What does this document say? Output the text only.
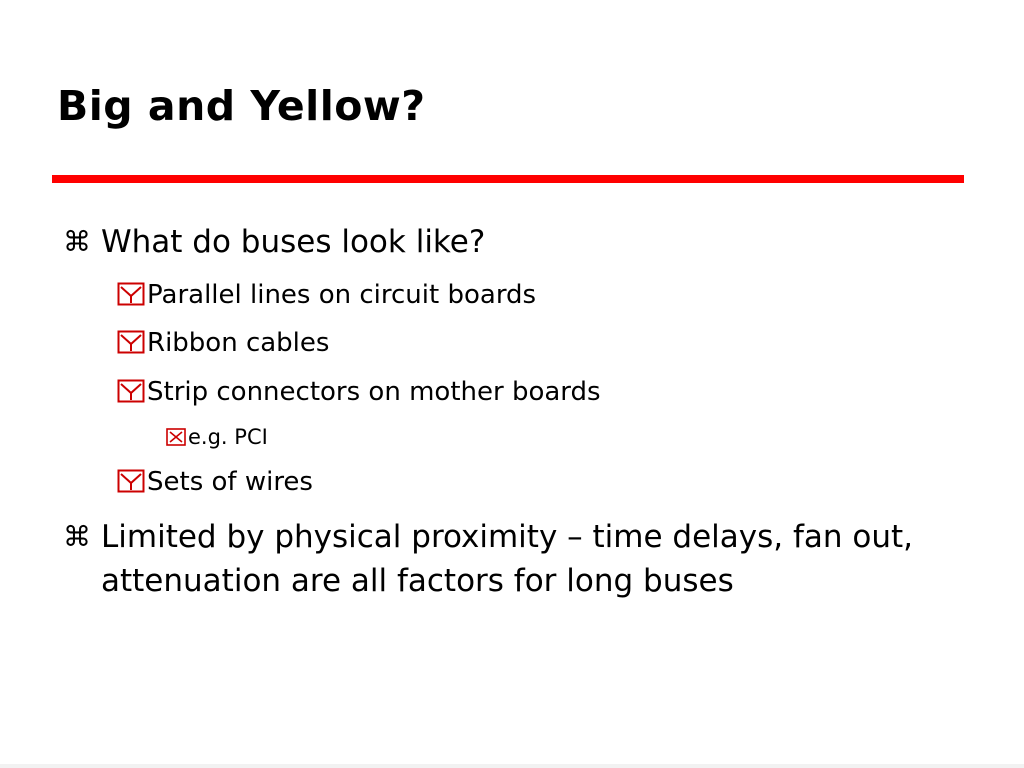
Big and Yellow?
⌘ What do buses look like?
Parallel lines on circuit boards
Ribbon cables
Strip connectors on mother boards
e.g. PCI
Sets of wires
⌘ Limited by physical proximity – time delays, fan out, attenuation are all factors for long buses
